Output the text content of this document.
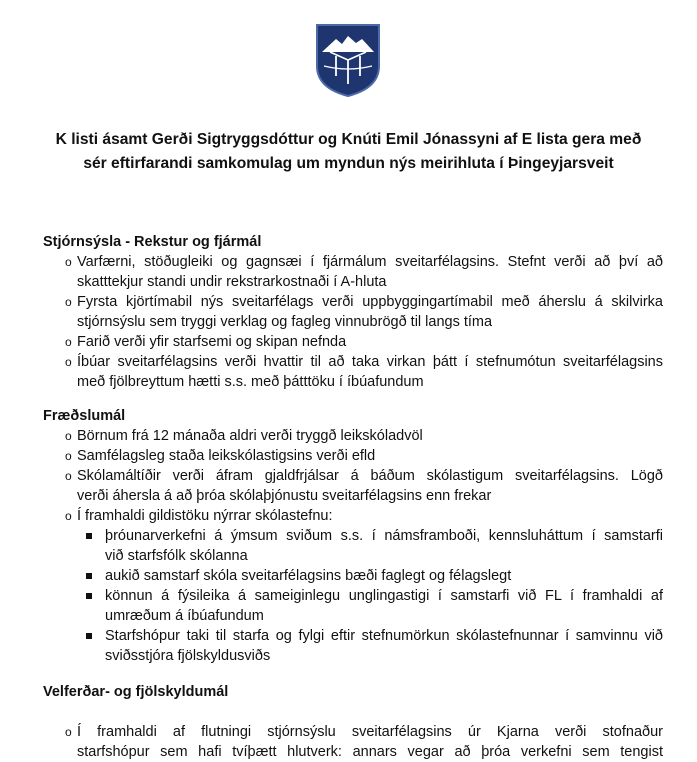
K listi ásamt Gerði Sigtryggsdóttur og Knúti Emil Jónassyni af E lista gera með
sér eftirfarandi samkomulag um myndun nýs meirihluta í Þingeyjarsveit
Stjórnsýsla - Rekstur og fjármál
o Varfærni, stöðugleiki og gagnsæi í fjármálum sveitarfélagsins. Stefnt verði að því að
skatttekjur standi undir rekstrarkostnaði í A-hluta
o Fyrsta kjörtímabil nýs sveitarfélags verði uppbyggingartímabil með áherslu á skilvirka
stjórnsýslu sem tryggi verklag og fagleg vinnubrögð til langs tíma
o Farið verði yfir starfsemi og skipan nefnda
o Íbúar sveitarfélagsins verði hvattir til að taka virkan þátt í stefnumótun sveitarfélagsins
með fjölbreyttum hætti s.s. með þátttöku í íbúafundum
Fræðslumál
o Börnum frá 12 mánaða aldri verði tryggð leikskóladvöl
o Samfélagsleg staða leikskólastigsins verði efld
o Skólamáltíðir verði áfram gjaldfrjálsar á báðum skólastigum sveitarfélagsins. Lögð
verði áhersla á að þróa skólaþjónustu sveitarfélagsins enn frekar
o Í framhaldi gildistöku nýrrar skólastefnu:
þróunarverkefni á ýmsum sviðum s.s. í námsframboði, kennsluháttum í samstarfi
við starfsfólk skólanna
aukið samstarf skóla sveitarfélagsins bæði faglegt og félagslegt
könnun á fýsileika á sameiginlegu unglingastigi í samstarfi við FL í framhaldi af
umræðum á íbúafundum
Starfshópur taki til starfa og fylgi eftir stefnumörkun skólastefnunnar í samvinnu við
sviðsstjóra fjölskyldusviðs
Velferðar- og fjölskyldumál
o Í framhaldi af flutningi stjórnsýslu sveitarfélagsins úr Kjarna verði stofnaður
starfshópur sem hafi tvíþætt hlutverk: annars vegar að þróa verkefni sem tengist
